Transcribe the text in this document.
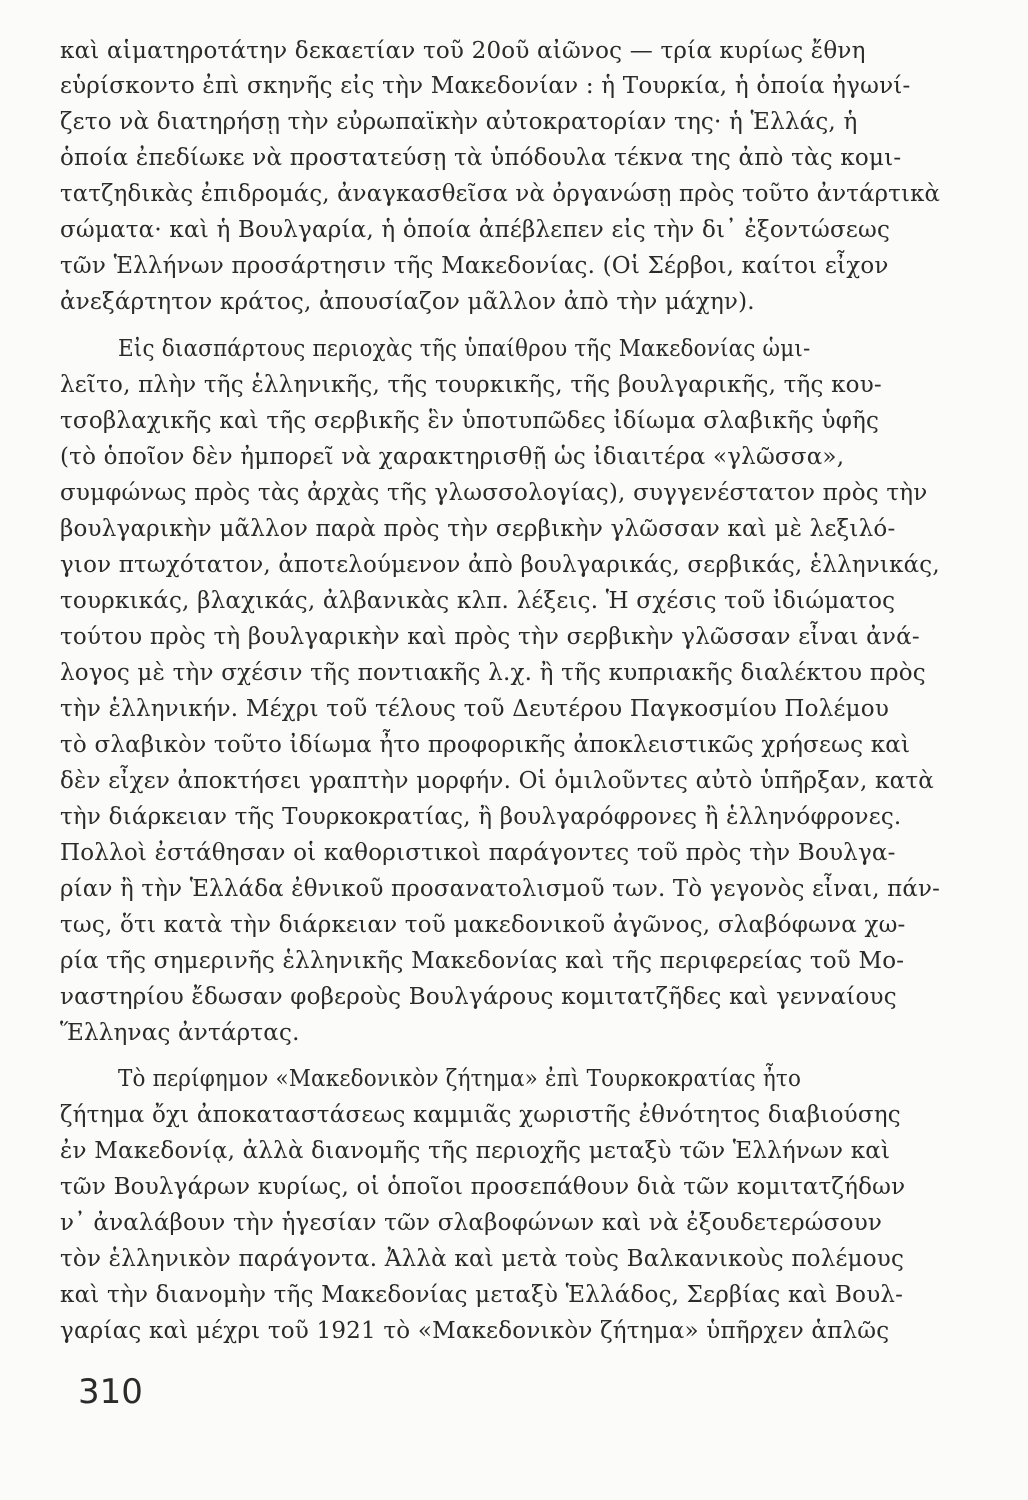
καὶ αἱματηροτάτην δεκαετίαν τοῦ 20οῦ αἰῶνος — τρία κυρίως ἔθνη
εὑρίσκοντο ἐπὶ σκηνῆς εἰς τὴν Μακεδονίαν : ἡ Τουρκία, ἡ ὁποία ἠγωνί-
ζετο νὰ διατηρήσῃ τὴν εὐρωπαϊκὴν αὐτοκρατορίαν της· ἡ Ἑλλάς, ἡ
ὁποία ἐπεδίωκε νὰ προστατεύσῃ τὰ ὑπόδουλα τέκνα της ἀπὸ τὰς κομι-
τατζηδικὰς ἐπιδρομάς, ἀναγκασθεῖσα νὰ ὀργανώσῃ πρὸς τοῦτο ἀντάρτικὰ
σώματα· καὶ ἡ Βουλγαρία, ἡ ὁποία ἀπέβλεπεν εἰς τὴν δι᾽ ἐξοντώσεως
τῶν Ἑλλήνων προσάρτησιν τῆς Μακεδονίας. (Οἱ Σέρβοι, καίτοι εἶχον
ἀνεξάρτητον κράτος, ἀπουσίαζον μᾶλλον ἀπὸ τὴν μάχην).
Εἰς διασπάρτους περιοχὰς τῆς ὑπαίθρου τῆς Μακεδονίας ὡμι-
λεῖτο, πλὴν τῆς ἑλληνικῆς, τῆς τουρκικῆς, τῆς βουλγαρικῆς, τῆς κου-
τσοβλαχικῆς καὶ τῆς σερβικῆς ἓν ὑποτυπῶδες ἰδίωμα σλαβικῆς ὑφῆς
(τὸ ὁποῖον δὲν ἠμπορεῖ νὰ χαρακτηρισθῇ ὡς ἰδιαιτέρα «γλῶσσα»,
συμφώνως πρὸς τὰς ἀρχὰς τῆς γλωσσολογίας), συγγενέστατον πρὸς τὴν
βουλγαρικὴν μᾶλλον παρὰ πρὸς τὴν σερβικὴν γλῶσσαν καὶ μὲ λεξιλό-
γιον πτωχότατον, ἀποτελούμενον ἀπὸ βουλγαρικάς, σερβικάς, ἑλληνικάς,
τουρκικάς, βλαχικάς, ἀλβανικὰς κλπ. λέξεις. Ἡ σχέσις τοῦ ἰδιώματος
τούτου πρὸς τὴ βουλγαρικὴν καὶ πρὸς τὴν σερβικὴν γλῶσσαν εἶναι ἀνά-
λογος μὲ τὴν σχέσιν τῆς ποντιακῆς λ.χ. ἢ τῆς κυπριακῆς διαλέκτου πρὸς
τὴν ἑλληνικήν. Μέχρι τοῦ τέλους τοῦ Δευτέρου Παγκοσμίου Πολέμου
τὸ σλαβικὸν τοῦτο ἰδίωμα ἦτο προφορικῆς ἀποκλειστικῶς χρήσεως καὶ
δὲν εἶχεν ἀποκτήσει γραπτὴν μορφήν. Οἱ ὁμιλοῦντες αὐτὸ ὑπῆρξαν, κατὰ
τὴν διάρκειαν τῆς Τουρκοκρατίας, ἢ βουλγαρόφρονες ἢ ἑλληνόφρονες.
Πολλοὶ ἐστάθησαν οἱ καθοριστικοὶ παράγοντες τοῦ πρὸς τὴν Βουλγα-
ρίαν ἢ τὴν Ἑλλάδα ἐθνικοῦ προσανατολισμοῦ των. Τὸ γεγονὸς εἶναι, πάν-
τως, ὅτι κατὰ τὴν διάρκειαν τοῦ μακεδονικοῦ ἀγῶνος, σλαβόφωνα χω-
ρία τῆς σημερινῆς ἑλληνικῆς Μακεδονίας καὶ τῆς περιφερείας τοῦ Μο-
ναστηρίου ἔδωσαν φοβεροὺς Βουλγάρους κομιτατζῆδες καὶ γενναίους
Ἕλληνας ἀντάρτας.
Τὸ περίφημον «Μακεδονικὸν ζήτημα» ἐπὶ Τουρκοκρατίας ἦτο
ζήτημα ὄχι ἀποκαταστάσεως καμμιᾶς χωριστῆς ἐθνότητος διαβιούσης
ἐν Μακεδονίᾳ, ἀλλὰ διανομῆς τῆς περιοχῆς μεταξὺ τῶν Ἑλλήνων καὶ
τῶν Βουλγάρων κυρίως, οἱ ὁποῖοι προσεπάθουν διὰ τῶν κομιτατζήδων
ν᾽ ἀναλάβουν τὴν ἡγεσίαν τῶν σλαβοφώνων καὶ νὰ ἐξουδετερώσουν
τὸν ἑλληνικὸν παράγοντα. Ἀλλὰ καὶ μετὰ τοὺς Βαλκανικοὺς πολέμους
καὶ τὴν διανομὴν τῆς Μακεδονίας μεταξὺ Ἑλλάδος, Σερβίας καὶ Βουλ-
γαρίας καὶ μέχρι τοῦ 1921 τὸ «Μακεδονικὸν ζήτημα» ὑπῆρχεν ἁπλῶς
310
